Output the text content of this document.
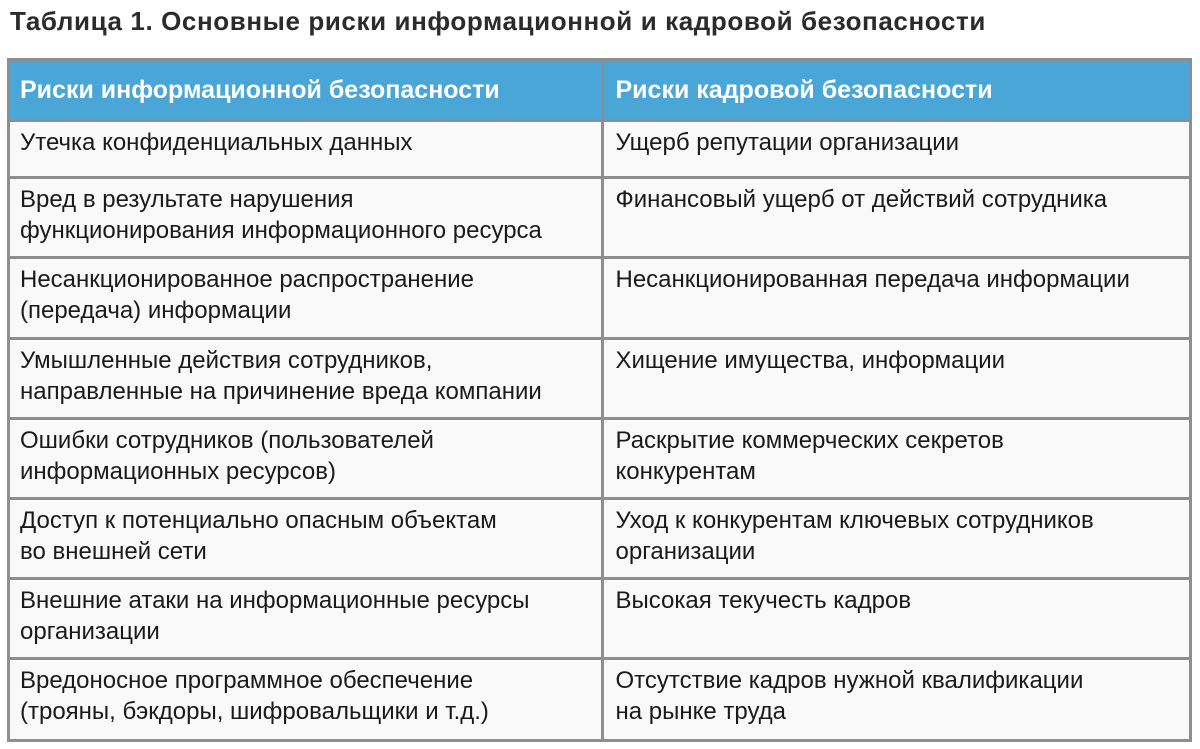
Таблица 1. Основные риски информационной и кадровой безопасности
Риски информационной безопасности	Риски кадровой безопасности
Утечка конфиденциальных данных	Ущерб репутации организации
Вред в результате нарушения
функционирования информационного ресурса	Финансовый ущерб от действий сотрудника
Несанкционированное распространение
(передача) информации	Несанкционированная передача информации
Умышленные действия сотрудников,
направленные на причинение вреда компании	Хищение имущества, информации
Ошибки сотрудников (пользователей
информационных ресурсов)	Раскрытие коммерческих секретов
конкурентам
Доступ к потенциально опасным объектам
во внешней сети	Уход к конкурентам ключевых сотрудников
организации
Внешние атаки на информационные ресурсы
организации	Высокая текучесть кадров
Вредоносное программное обеспечение
(трояны, бэкдоры, шифровальщики и т.д.)	Отсутствие кадров нужной квалификации
на рынке труда
